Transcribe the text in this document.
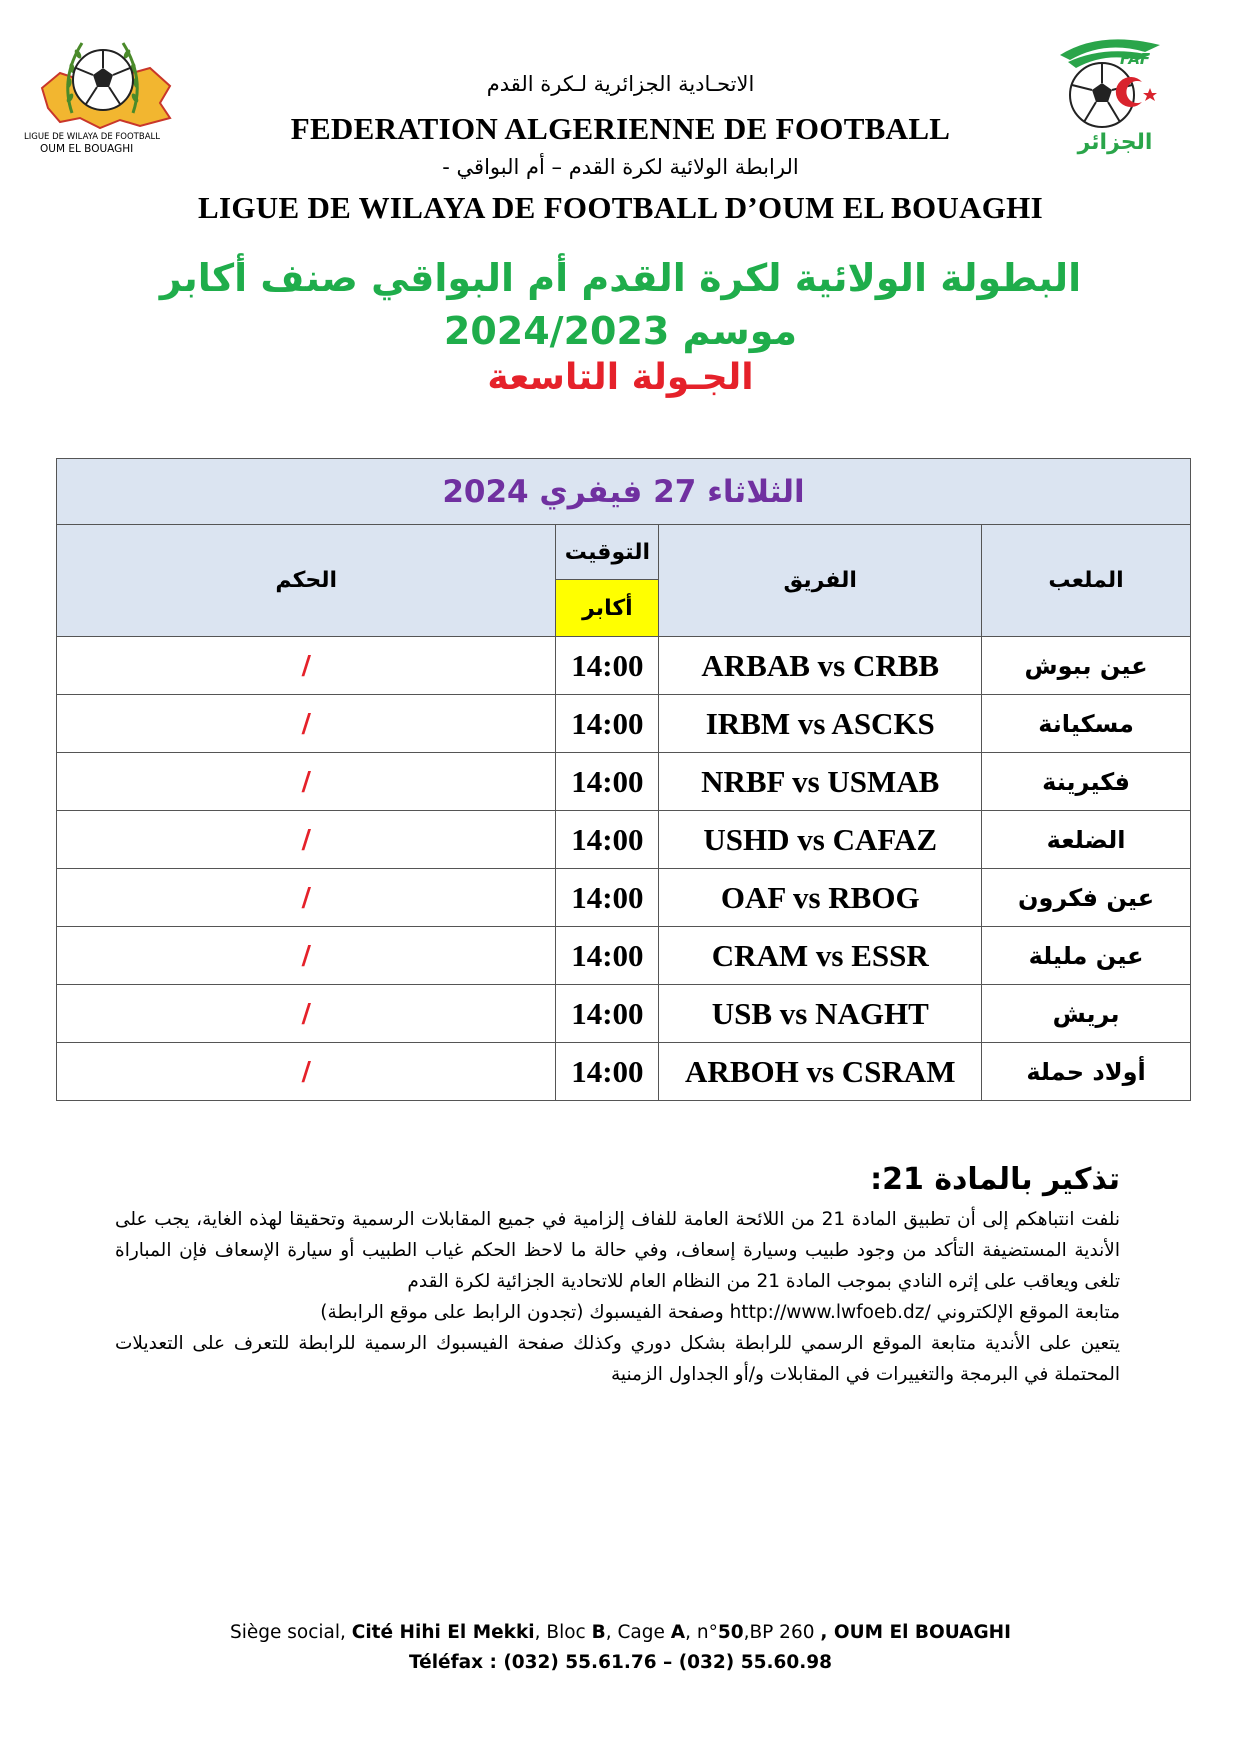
LIGUE DE WILAYA DE FOOTBALL
OUM EL BOUAGHI
FAF
الجزائر
الاتحـادية الجزائرية لـكرة القدم
FEDERATION ALGERIENNE DE FOOTBALL
الرابطة الولائية لكرة القدم – أم البواقي -
LIGUE DE WILAYA DE FOOTBALL D’OUM EL BOUAGHI
البطولة الولائية لكرة القدم أم البواقي صنف أكابر
موسم 2024/2023
الجـولة التاسعة
الثلاثاء 27 فيفري 2024			
الحكم	التوقيت	الفريق	الملعب
	أكابر		
/	14:00	ARBAB vs CRBB	عين ببوش
/	14:00	IRBM vs ASCKS	مسكيانة
/	14:00	NRBF vs USMAB	فكيرينة
/	14:00	USHD vs CAFAZ	الضلعة
/	14:00	OAF vs RBOG	عين فكرون
/	14:00	CRAM vs ESSR	عين مليلة
/	14:00	USB vs NAGHT	بريش
/	14:00	ARBOH vs CSRAM	أولاد حملة
تذكير بالمادة 21:

نلفت انتباهكم إلى أن تطبيق المادة 21 من اللائحة العامة للفاف إلزامية في جميع المقابلات الرسمية وتحقيقا لهذه الغاية، يجب على الأندية المستضيفة التأكد من وجود طبيب وسيارة إسعاف، وفي حالة ما لاحظ الحكم غياب الطبيب أو سيارة الإسعاف فإن المباراة تلغى ويعاقب على إثره النادي بموجب المادة 21 من النظام العام للاتحادية الجزائية لكرة القدم

متابعة الموقع الإلكتروني /http://www.lwfoeb.dz وصفحة الفيسبوك (تجدون الرابط على موقع الرابطة)

يتعين على الأندية متابعة الموقع الرسمي للرابطة بشكل دوري وكذلك صفحة الفيسبوك الرسمية للرابطة للتعرف على التعديلات المحتملة في البرمجة والتغييرات في المقابلات و/أو الجداول الزمنية

Siège social, Cité Hihi El Mekki, Bloc B, Cage A, n°50,BP 260 , OUM El BOUAGHI
Téléfax : (032) 55.61.76 – (032) 55.60.98
